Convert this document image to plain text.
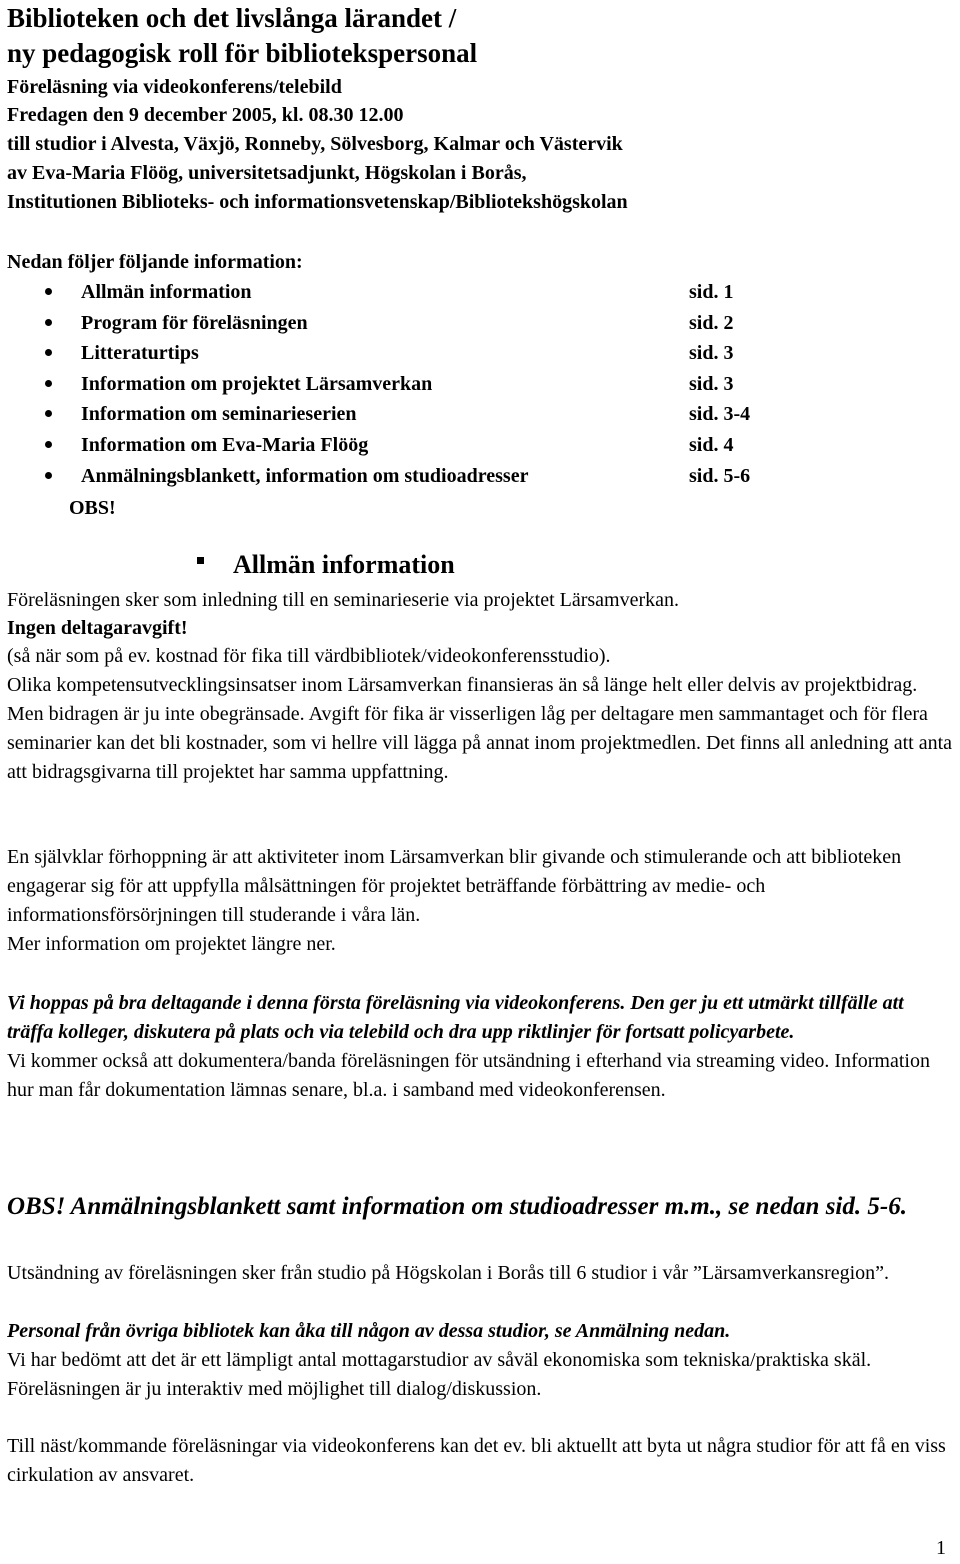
Biblioteken och det livslånga lärandet /
ny pedagogisk roll för bibliotekspersonal
Föreläsning via videokonferens/telebild
Fredagen den 9 december 2005, kl. 08.30 12.00
till studior i Alvesta, Växjö, Ronneby, Sölvesborg, Kalmar och Västervik
av Eva-Maria Flöög, universitetsadjunkt, Högskolan i Borås,
Institutionen Biblioteks- och informationsvetenskap/Bibliotekshögskolan
Nedan följer följande information:
Allmän information	sid. 1
Program för föreläsningen	sid. 2
Litteraturtips	sid. 3
Information om projektet Lärsamverkan	sid. 3
Information om seminarieserien	sid. 3-4
Information om Eva-Maria Flöög	sid. 4
Anmälningsblankett, information om studioadresser	sid. 5-6
OBS!
Allmän information
Föreläsningen sker som inledning till en seminarieserie via projektet Lärsamverkan.
Ingen deltagaravgift!
(så när som på ev. kostnad för fika till värdbibliotek/videokonferensstudio).
Olika kompetensutvecklingsinsatser inom Lärsamverkan finansieras än så länge helt eller delvis av projektbidrag. Men bidragen är ju inte obegränsade. Avgift för fika är visserligen låg per deltagare men sammantaget och för flera seminarier kan det bli kostnader, som vi hellre vill lägga på annat inom projektmedlen. Det finns all anledning att anta att bidragsgivarna till projektet har samma uppfattning.
En självklar förhoppning är att aktiviteter inom Lärsamverkan blir givande och stimulerande och att biblioteken engagerar sig för att uppfylla målsättningen för projektet beträffande förbättring av medie- och informationsförsörjningen till studerande i våra län.
Mer information om projektet längre ner.
Vi hoppas på bra deltagande i denna första föreläsning via videokonferens. Den ger ju ett utmärkt tillfälle att träffa kolleger, diskutera på plats och via telebild och dra upp riktlinjer för fortsatt policyarbete.
Vi kommer också att dokumentera/banda föreläsningen för utsändning i efterhand via streaming video. Information hur man får dokumentation lämnas senare, bl.a. i samband med videokonferensen.
OBS! Anmälningsblankett samt information om studioadresser m.m., se nedan sid. 5-6.
Utsändning av föreläsningen sker från studio på Högskolan i Borås till 6 studior i vår ”Lärsamverkansregion”.
Personal från övriga bibliotek kan åka till någon av dessa studior, se Anmälning nedan.
Vi har bedömt att det är ett lämpligt antal mottagarstudior av såväl ekonomiska som tekniska/praktiska skäl. Föreläsningen är ju interaktiv med möjlighet till dialog/diskussion.
Till näst/kommande föreläsningar via videokonferens kan det ev. bli aktuellt att byta ut några studior för att få en viss cirkulation av ansvaret.
1
